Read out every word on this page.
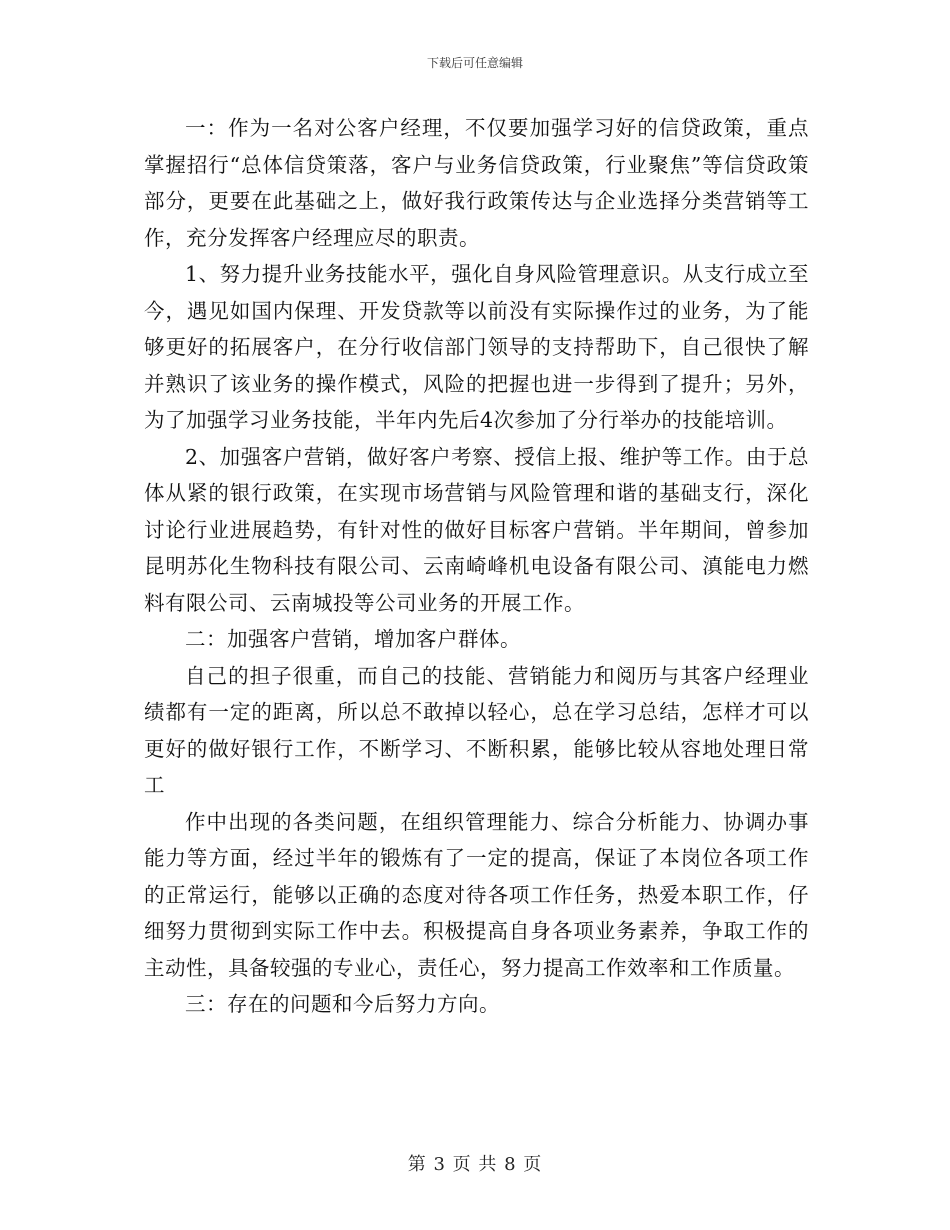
下载后可任意编辑

一：作为一名对公客户经理，不仅要加强学习好的信贷政策，重点掌握招行“总体信贷策落，客户与业务信贷政策，行业聚焦”等信贷政策部分，更要在此基础之上，做好我行政策传达与企业选择分类营销等工作，充分发挥客户经理应尽的职责。

1、努力提升业务技能水平，强化自身风险管理意识。从支行成立至今，遇见如国内保理、开发贷款等以前没有实际操作过的业务，为了能够更好的拓展客户，在分行收信部门领导的支持帮助下，自己很快了解并熟识了该业务的操作模式，风险的把握也进一步得到了提升；另外，为了加强学习业务技能，半年内先后4次参加了分行举办的技能培训。

2、加强客户营销，做好客户考察、授信上报、维护等工作。由于总体从紧的银行政策，在实现市场营销与风险管理和谐的基础支行，深化讨论行业进展趋势，有针对性的做好目标客户营销。半年期间，曾参加昆明苏化生物科技有限公司、云南崎峰机电设备有限公司、滇能电力燃料有限公司、云南城投等公司业务的开展工作。

二：加强客户营销，增加客户群体。

自己的担子很重，而自己的技能、营销能力和阅历与其客户经理业绩都有一定的距离，所以总不敢掉以轻心，总在学习总结，怎样才可以更好的做好银行工作，不断学习、不断积累，能够比较从容地处理日常工

作中出现的各类问题，在组织管理能力、综合分析能力、协调办事能力等方面，经过半年的锻炼有了一定的提高，保证了本岗位各项工作的正常运行，能够以正确的态度对待各项工作任务，热爱本职工作，仔细努力贯彻到实际工作中去。积极提高自身各项业务素养，争取工作的主动性，具备较强的专业心，责任心，努力提高工作效率和工作质量。

三：存在的问题和今后努力方向。

第 3 页 共 8 页
